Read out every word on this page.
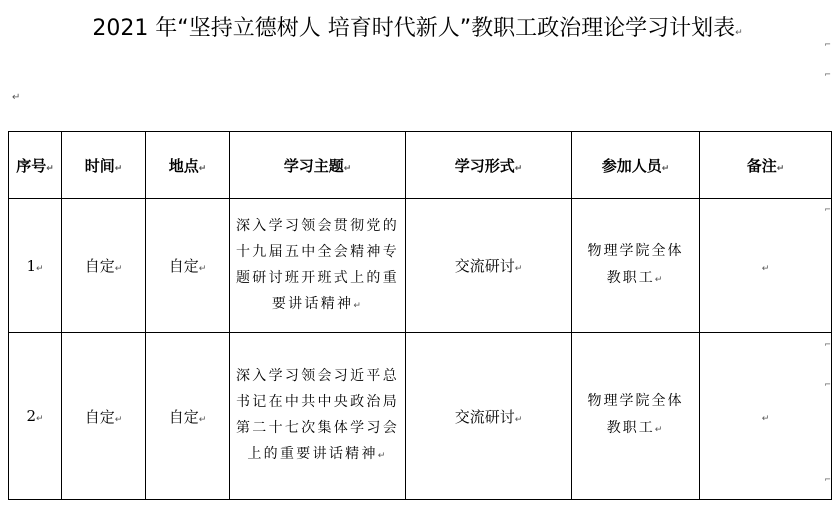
2021 年“坚持立德树人 培育时代新人”教职工政治理论学习计划表↵
↵
⌐
⌐
⌐
⌐
⌐
⌐
序号↵	时间↵	地点↵	学习主题↵	学习形式↵	参加人员↵	备注↵
1↵	自定↵	自定↵	深入学习领会贯彻党的十九届五中全会精神专题研讨班开班式上的重要讲话精神↵	交流研讨↵	物理学院全体教职工↵	↵
2↵	自定↵	自定↵	深入学习领会习近平总书记在中共中央政治局第二十七次集体学习会上的重要讲话精神↵	交流研讨↵	物理学院全体教职工↵	↵
